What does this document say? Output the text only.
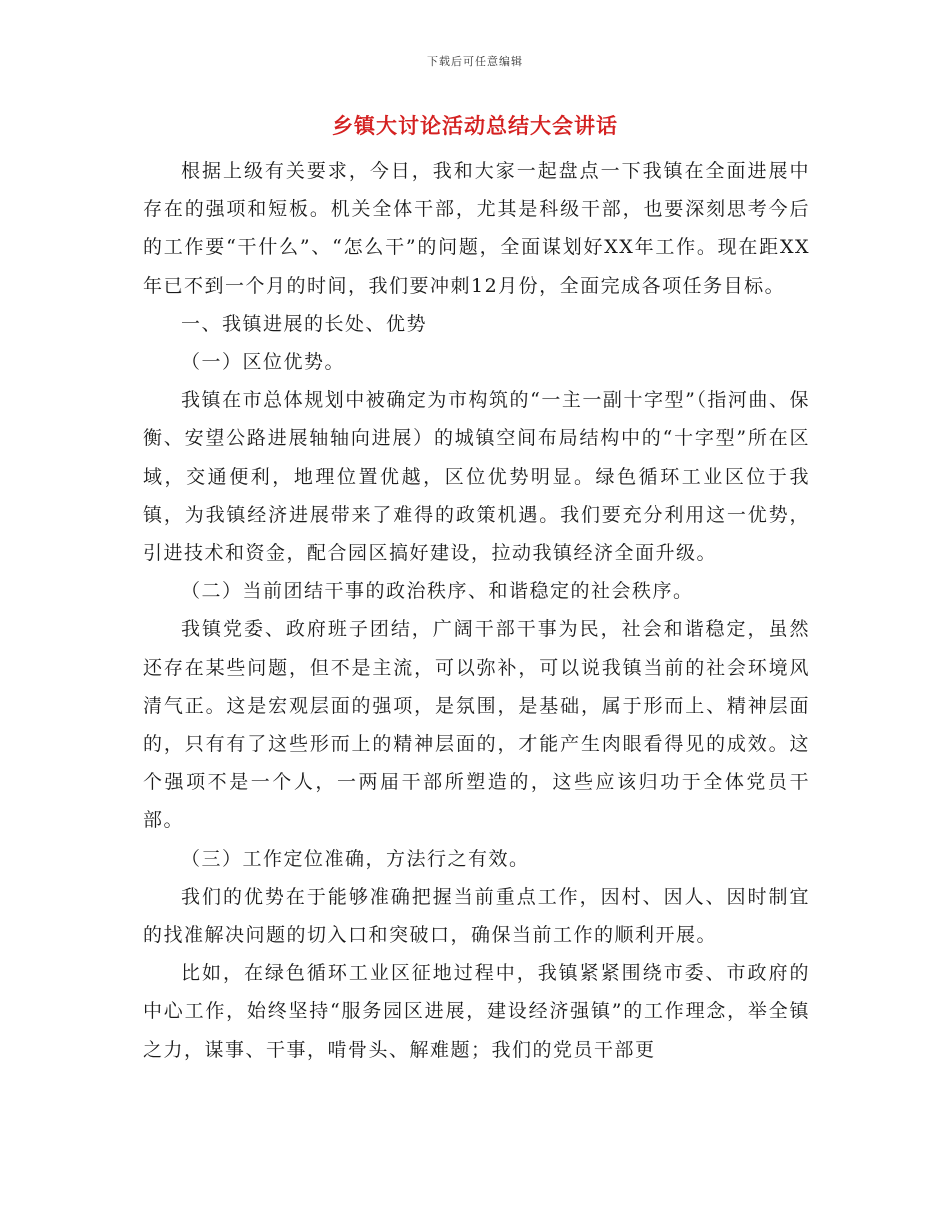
下载后可任意编辑
乡镇大讨论活动总结大会讲话

根据上级有关要求，今日，我和大家一起盘点一下我镇在全面进展中存在的强项和短板。机关全体干部，尤其是科级干部，也要深刻思考今后的工作要“干什么”、“怎么干”的问题，全面谋划好XX年工作。现在距XX年已不到一个月的时间，我们要冲刺12月份，全面完成各项任务目标。

一、我镇进展的长处、优势

（一）区位优势。

我镇在市总体规划中被确定为市构筑的“一主一副十字型”（指河曲、保衡、安望公路进展轴轴向进展）的城镇空间布局结构中的“十字型”所在区域，交通便利，地理位置优越，区位优势明显。绿色循环工业区位于我镇，为我镇经济进展带来了难得的政策机遇。我们要充分利用这一优势，引进技术和资金，配合园区搞好建设，拉动我镇经济全面升级。

（二）当前团结干事的政治秩序、和谐稳定的社会秩序。

我镇党委、政府班子团结，广阔干部干事为民，社会和谐稳定，虽然还存在某些问题，但不是主流，可以弥补，可以说我镇当前的社会环境风清气正。这是宏观层面的强项，是氛围，是基础，属于形而上、精神层面的，只有有了这些形而上的精神层面的，才能产生肉眼看得见的成效。这个强项不是一个人，一两届干部所塑造的，这些应该归功于全体党员干部。

（三）工作定位准确，方法行之有效。

我们的优势在于能够准确把握当前重点工作，因村、因人、因时制宜的找准解决问题的切入口和突破口，确保当前工作的顺利开展。

比如，在绿色循环工业区征地过程中，我镇紧紧围绕市委、市政府的中心工作，始终坚持“服务园区进展，建设经济强镇”的工作理念，举全镇之力，谋事、干事，啃骨头、解难题；我们的党员干部更
